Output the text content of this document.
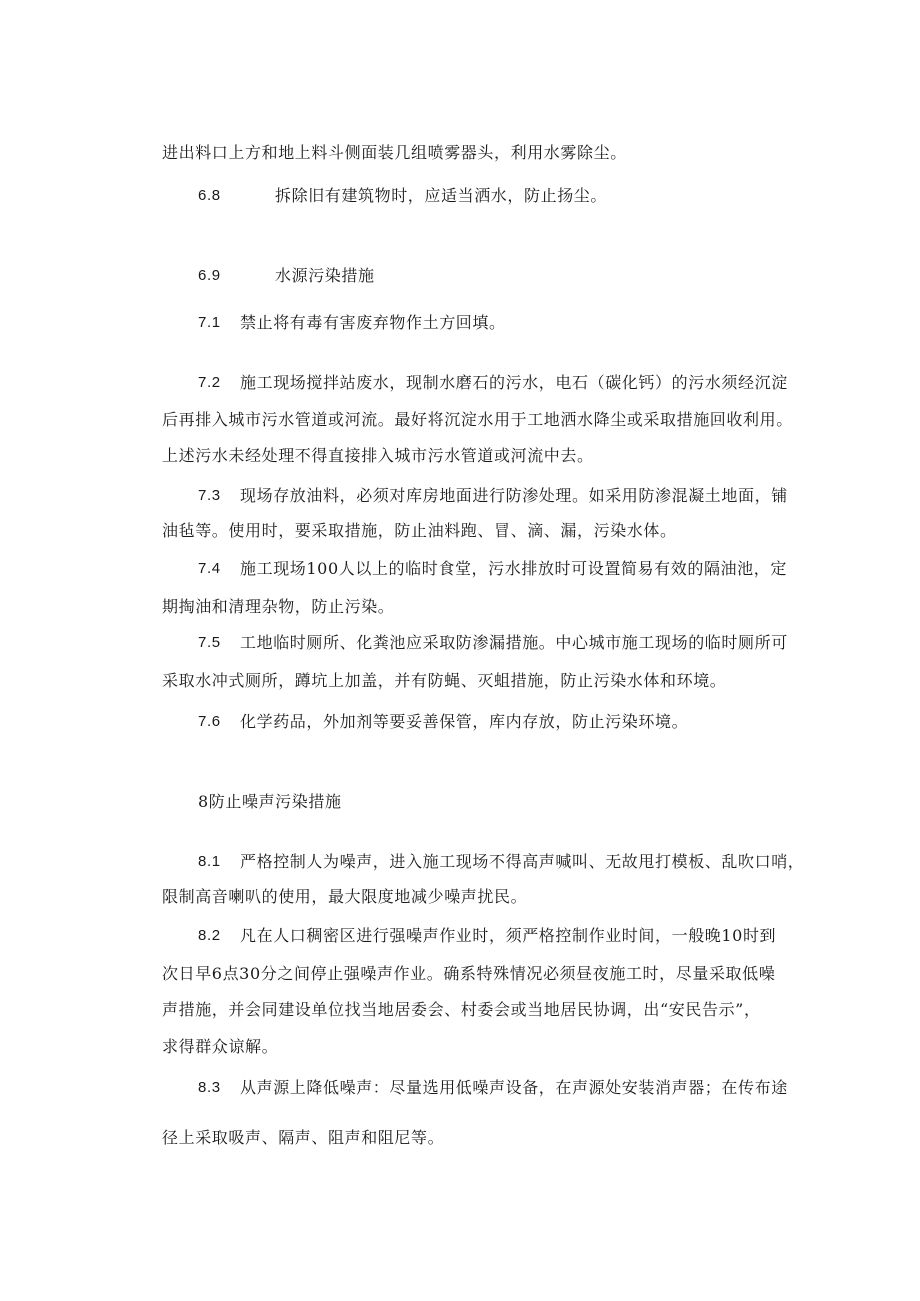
进出料口上方和地上料斗侧面装几组喷雾器头，利用水雾除尘。
6.8	拆除旧有建筑物时，应适当洒水，防止扬尘。
6.9	水源污染措施
7.1 禁止将有毒有害废弃物作土方回填。
7.2 施工现场搅拌站废水，现制水磨石的污水，电石（碳化钙）的污水须经沉淀
后再排入城市污水管道或河流。最好将沉淀水用于工地洒水降尘或采取措施回收利用。
上述污水未经处理不得直接排入城市污水管道或河流中去。
7.3 现场存放油料，必须对库房地面进行防渗处理。如采用防渗混凝土地面，铺
油毡等。使用时，要采取措施，防止油料跑、冒、滴、漏，污染水体。
7.4 施工现场100人以上的临时食堂，污水排放时可设置简易有效的隔油池，定
期掏油和清理杂物，防止污染。
7.5 工地临时厕所、化粪池应采取防渗漏措施。中心城市施工现场的临时厕所可
采取水冲式厕所，蹲坑上加盖，并有防蝇、灭蛆措施，防止污染水体和环境。
7.6 化学药品，外加剂等要妥善保管，库内存放，防止污染环境。
8防止噪声污染措施
8.1 严格控制人为噪声，进入施工现场不得高声喊叫、无故甩打模板、乱吹口哨，
限制高音喇叭的使用，最大限度地减少噪声扰民。
8.2 凡在人口稠密区进行强噪声作业时，须严格控制作业时间，一般晚10时到
次日早6点30分之间停止强噪声作业。确系特殊情况必须昼夜施工时，尽量采取低噪
声措施，并会同建设单位找当地居委会、村委会或当地居民协调，出“安民告示”，
求得群众谅解。
8.3 从声源上降低噪声：尽量选用低噪声设备，在声源处安装消声器；在传布途
径上采取吸声、隔声、阻声和阻尼等。
